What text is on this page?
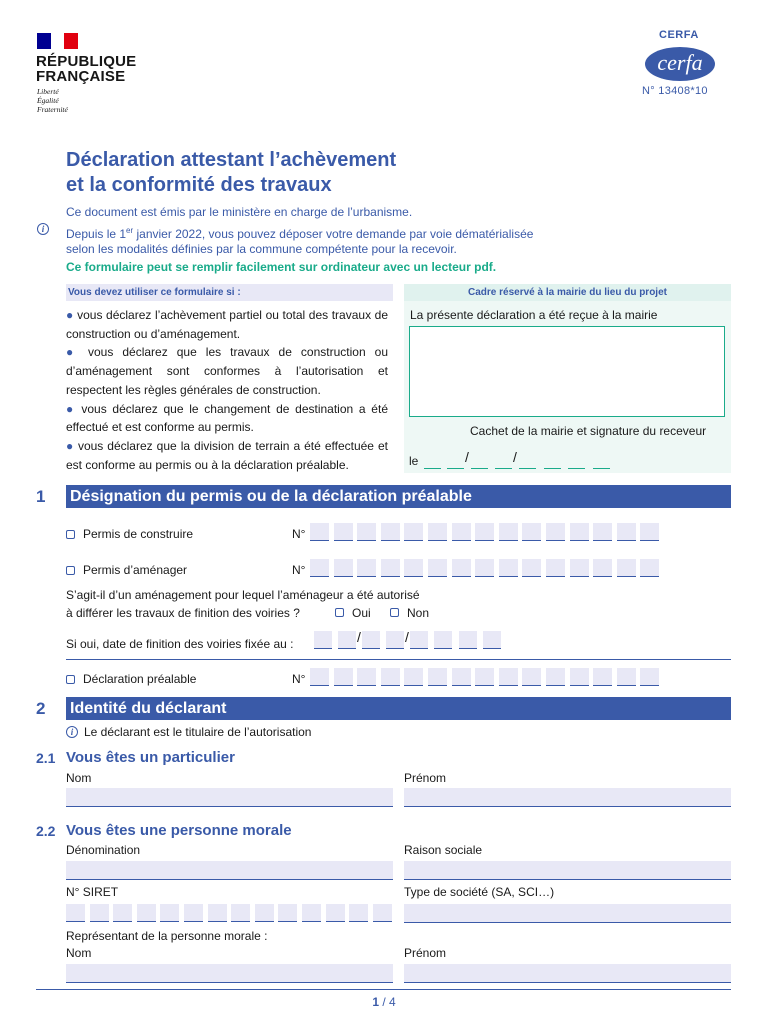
RÉPUBLIQUE
FRANÇAISE
Liberté
Égalité
Fraternité
CERFA
cerfa
N° 13408*10
Déclaration attestant l’achèvement
et la conformité des travaux
Ce document est émis par le ministère en charge de l’urbanisme.
i	Depuis le 1er janvier 2022, vous pouvez déposer votre demande par voie dématérialisée
selon les modalités définies par la commune compétente pour la recevoir.
Ce formulaire peut se remplir facilement sur ordinateur avec un lecteur pdf.
Vous devez utiliser ce formulaire si :	Cadre réservé à la mairie du lieu du projet
● vous déclarez l’achèvement partiel ou total des travaux de construction ou d’aménagement.
● vous déclarez que les travaux de construction ou d’aménagement sont conformes à l’autorisation et respectent les règles générales de construction.
● vous déclarez que le changement de destination a été effectué et est conforme au permis.
● vous déclarez que la division de terrain a été effectuée et est conforme au permis ou à la déclaration préalable.
La présente déclaration a été reçue à la mairie
Cachet de la mairie et signature du receveur
le	/	/
1 Désignation du permis ou de la déclaration préalable
Permis de construire	N°
Permis d’aménager	N°
S’agit-il d’un aménagement pour lequel l’aménageur a été autorisé
à différer les travaux de finition des voiries ?	Oui	Non
Si oui, date de finition des voiries fixée au :	/	/
Déclaration préalable	N°
2 Identité du déclarant
i Le déclarant est le titulaire de l’autorisation
2.1 Vous êtes un particulier
Nom	Prénom
2.2 Vous êtes une personne morale
Dénomination	Raison sociale
N° SIRET	Type de société (SA, SCI…)
Représentant de la personne morale :
Nom	Prénom
1 / 4
